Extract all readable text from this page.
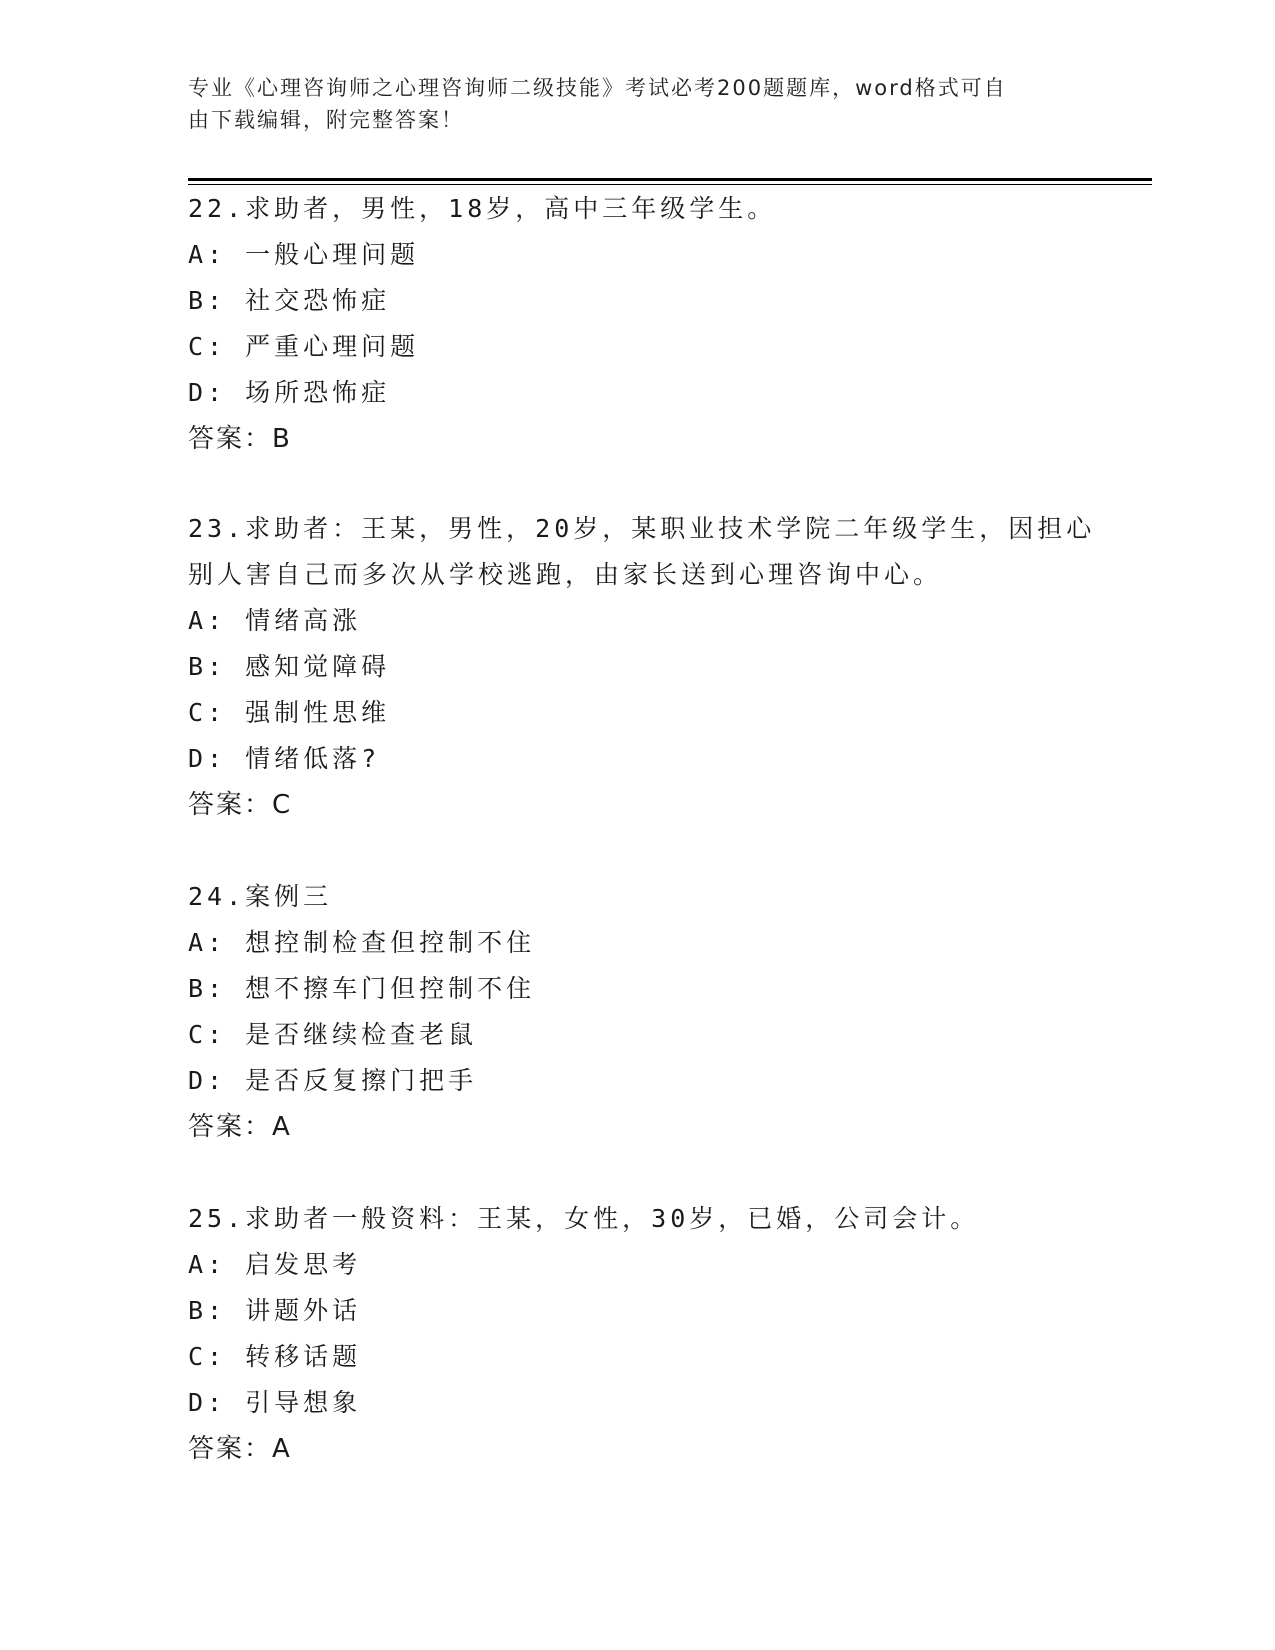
专业《心理咨询师之心理咨询师二级技能》考试必考200题题库，word格式可自
由下载编辑，附完整答案！
22.求助者，男性，18岁，高中三年级学生。
A: 一般心理问题
B: 社交恐怖症
C: 严重心理问题
D: 场所恐怖症
答案：B
23.求助者：王某，男性，20岁，某职业技术学院二年级学生，因担心
别人害自己而多次从学校逃跑，由家长送到心理咨询中心。
A: 情绪高涨
B: 感知觉障碍
C: 强制性思维
D: 情绪低落?
答案：C
24.案例三
A: 想控制检查但控制不住
B: 想不擦车门但控制不住
C: 是否继续检查老鼠
D: 是否反复擦门把手
答案：A
25.求助者一般资料：王某，女性，30岁，已婚，公司会计。
A: 启发思考
B: 讲题外话
C: 转移话题
D: 引导想象
答案：A
